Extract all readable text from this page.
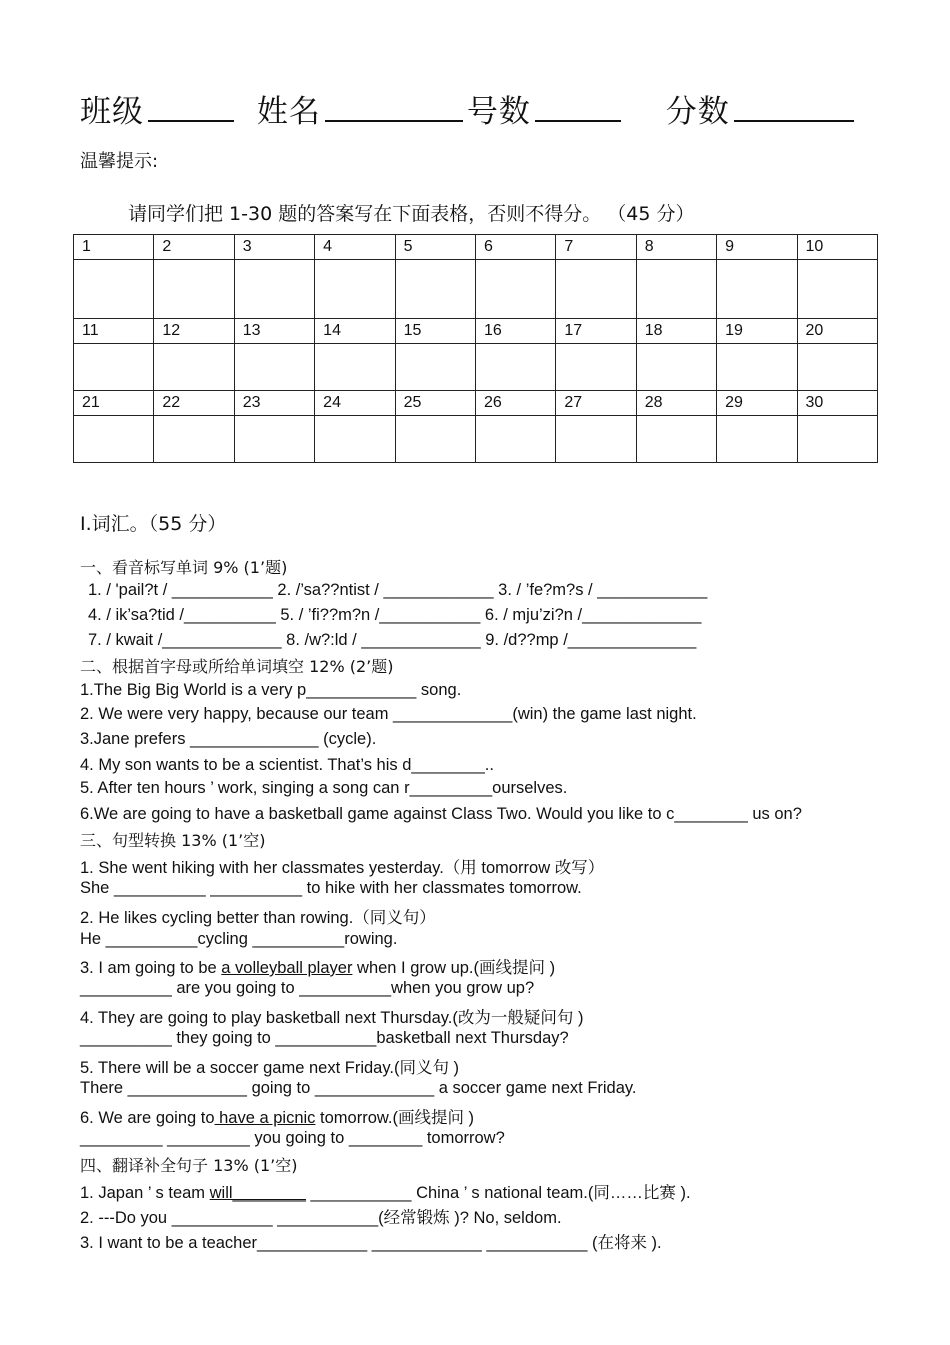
班级	姓名	号数	分数
温馨提示:
请同学们把 1-30 题的答案写在下面表格，否则不得分。 （45 分）
1	2	3	4	5	6	7	8	9	10

11	12	13	14	15	16	17	18	19	20

21	22	23	24	25	26	27	28	29	30

Ⅰ.词汇。（55 分）
一、看音标写单词 9% (1’题)
1. / 'pail?t / ___________ 2. /’sa??ntist / ____________ 3. / ’fe?m?s / ____________
4. / ik’sa?tid /__________ 5. / ’fi??m?n /___________ 6. / mju’zi?n /_____________
7. / kwait /_____________ 8. /w?:ld / _____________ 9. /d??mp /______________
二、根据首字母或所给单词填空 12% (2’题)
1.The Big Big World is a very p____________ song.
2. We were very happy, because our team _____________(win) the game last night.
3.Jane prefers ______________ (cycle).
4. My son wants to be a scientist. That’s his d________..
5. After ten hours ’ work, singing a song can r_________ourselves.
6.We are going to have a basketball game against Class Two. Would you like to c________ us on?
三、句型转换 13% (1’空)
1. She went hiking with her classmates yesterday.（用 tomorrow 改写）
She __________ __________ to hike with her classmates tomorrow.
2. He likes cycling better than rowing.（同义句）
He __________cycling __________rowing.
3. I am going to be a volleyball player when I grow up.(画线提问 )
__________ are you going to __________when you grow up?
4. They are going to play basketball next Thursday.(改为一般疑问句 )
__________ they going to ___________basketball next Thursday?
5. There will be a soccer game next Friday.(同义句 )
There _____________ going to _____________ a soccer game next Friday.
6. We are going to have a picnic tomorrow.(画线提问 )
_________ _________ you going to ________ tomorrow?
四、翻译补全句子 13% (1’空)
1. Japan ’ s team will________ ___________ China ’ s national team.(同……比赛 ).
2. ---Do you ___________ ___________(经常锻炼 )? No, seldom.
3. I want to be a teacher____________ ____________ ___________ (在将来 ).
